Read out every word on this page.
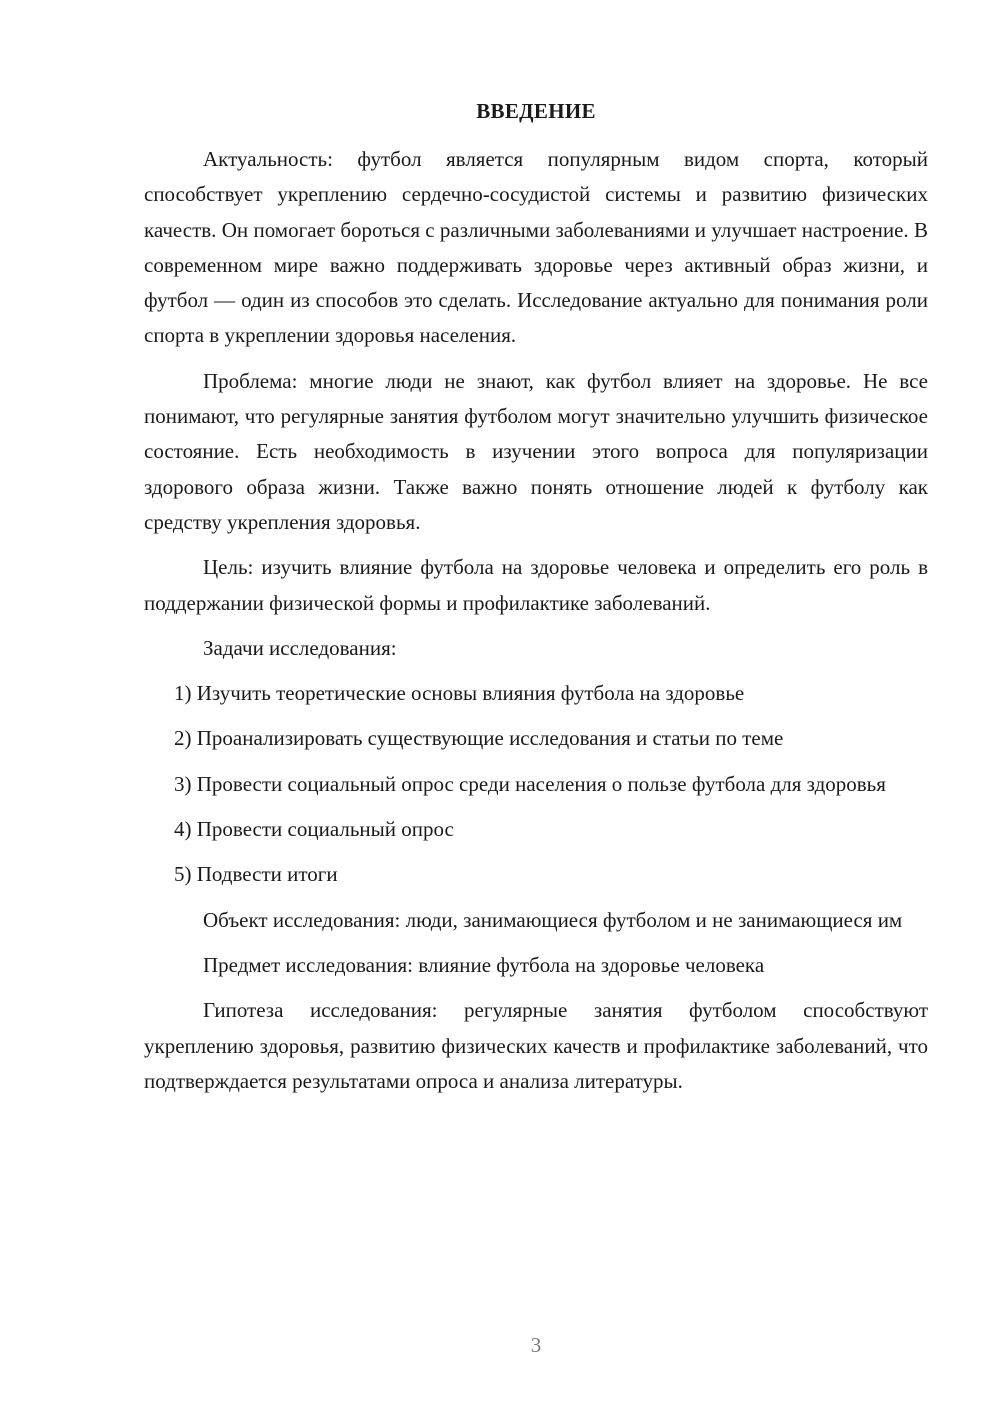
ВВЕДЕНИЕ

Актуальность: футбол является популярным видом спорта, который способствует укреплению сердечно-сосудистой системы и развитию физических качеств. Он помогает бороться с различными заболеваниями и улучшает настроение. В современном мире важно поддерживать здоровье через активный образ жизни, и футбол — один из способов это сделать. Исследование актуально для понимания роли спорта в укреплении здоровья населения.

Проблема: многие люди не знают, как футбол влияет на здоровье. Не все понимают, что регулярные занятия футболом могут значительно улучшить физическое состояние. Есть необходимость в изучении этого вопроса для популяризации здорового образа жизни. Также важно понять отношение людей к футболу как средству укрепления здоровья.

Цель: изучить влияние футбола на здоровье человека и определить его роль в поддержании физической формы и профилактике заболеваний.

Задачи исследования:

1) Изучить теоретические основы влияния футбола на здоровье

2) Проанализировать существующие исследования и статьи по теме

3) Провести социальный опрос среди населения о пользе футбола для здоровья

4) Провести социальный опрос

5) Подвести итоги

Объект исследования: люди, занимающиеся футболом и не занимающиеся им

Предмет исследования: влияние футбола на здоровье человека

Гипотеза исследования: регулярные занятия футболом способствуют укреплению здоровья, развитию физических качеств и профилактике заболеваний, что подтверждается результатами опроса и анализа литературы.

3
